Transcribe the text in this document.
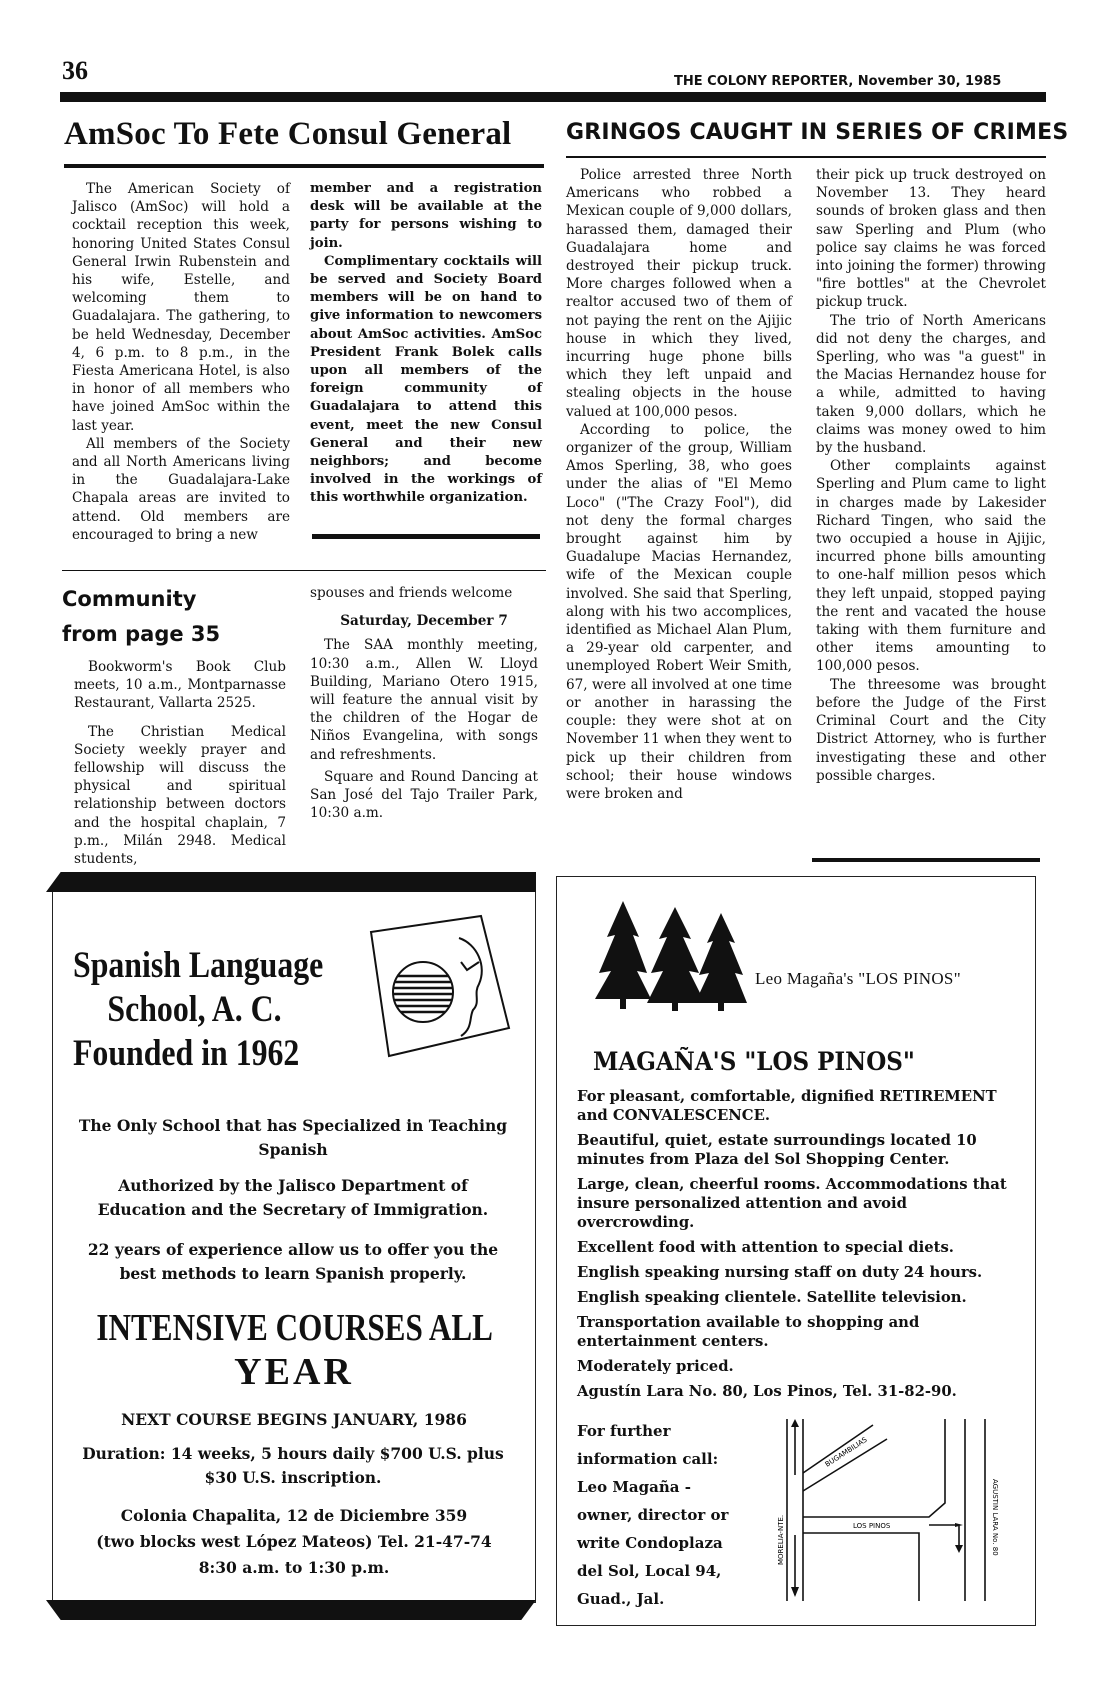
36	THE COLONY REPORTER, November 30, 1985
AmSoc To Fete Consul General

The American Society of Jalisco (AmSoc) will hold a cocktail reception this week, honoring United States Consul General Irwin Rubenstein and his wife, Estelle, and welcoming them to Guadalajara. The gathering, to be held Wednesday, December 4, 6 p.m. to 8 p.m., in the Fiesta Americana Hotel, is also in honor of all members who have joined AmSoc within the last year.

All members of the Society and all North Americans living in the Guadalajara-Lake Chapala areas are invited to attend. Old members are encouraged to bring a new

member and a registration desk will be available at the party for persons wishing to join.

Complimentary cocktails will be served and Society Board members will be on hand to give information to newcomers about AmSoc activities. AmSoc President Frank Bolek calls upon all members of the foreign community of Guadalajara to attend this event, meet the new Consul General and their new neighbors; and become involved in the workings of this worthwhile organization.

Community
from page 35

Bookworm's Book Club meets, 10 a.m., Montparnasse Restaurant, Vallarta 2525.

The Christian Medical Society weekly prayer and fellowship will discuss the physical and spiritual relationship between doctors and the hospital chaplain, 7 p.m., Milán 2948. Medical students,

spouses and friends welcome
Saturday, December 7

The SAA monthly meeting, 10:30 a.m., Allen W. Lloyd Building, Mariano Otero 1915, will feature the annual visit by the children of the Hogar de Niños Evangelina, with songs and refreshments.

Square and Round Dancing at San José del Tajo Trailer Park, 10:30 a.m.

GRINGOS CAUGHT IN SERIES OF CRIMES

Police arrested three North Americans who robbed a Mexican couple of 9,000 dollars, harassed them, damaged their Guadalajara home and destroyed their pickup truck. More charges followed when a realtor accused two of them of not paying the rent on the Ajijic house in which they lived, incurring huge phone bills which they left unpaid and stealing objects in the house valued at 100,000 pesos.

According to police, the organizer of the group, William Amos Sperling, 38, who goes under the alias of "El Memo Loco" ("The Crazy Fool"), did not deny the formal charges brought against him by Guadalupe Macias Hernandez, wife of the Mexican couple involved. She said that Sperling, along with his two accomplices, identified as Michael Alan Plum, a 29-year old carpenter, and unemployed Robert Weir Smith, 67, were all involved at one time or another in harassing the couple: they were shot at on November 11 when they went to pick up their children from school; their house windows were broken and

their pick up truck destroyed on November 13. They heard sounds of broken glass and then saw Sperling and Plum (who police say claims he was forced into joining the former) throwing "fire bottles" at the Chevrolet pickup truck.

The trio of North Americans did not deny the charges, and Sperling, who was "a guest" in the Macias Hernandez house for a while, admitted to having taken 9,000 dollars, which he claims was money owed to him by the husband.

Other complaints against Sperling and Plum came to light in charges made by Lakesider Richard Tingen, who said the two occupied a house in Ajijic, incurred phone bills amounting to one-half million pesos which they left unpaid, stopped paying the rent and vacated the house taking with them furniture and other items amounting to 100,000 pesos.

The threesome was brought before the Judge of the First Criminal Court and the City District Attorney, who is further investigating these and other possible charges.

Spanish Language
School, A. C.
Founded in 1962
The Only School that has Specialized in Teaching Spanish
Authorized by the Jalisco Department of Education and the Secretary of Immigration.
22 years of experience allow us to offer you the best methods to learn Spanish properly.
INTENSIVE COURSES ALL
YEAR
NEXT COURSE BEGINS JANUARY, 1986
Duration: 14 weeks, 5 hours daily $700 U.S. plus $30 U.S. inscription.
Colonia Chapalita, 12 de Diciembre 359
(two blocks west López Mateos) Tel. 21-47-74
8:30 a.m. to 1:30 p.m.
Leo Magaña's "LOS PINOS"
MAGAÑA'S "LOS PINOS"
For pleasant, comfortable, dignified RETIREMENT and CONVALESCENCE.
Beautiful, quiet, estate surroundings located 10 minutes from Plaza del Sol Shopping Center.
Large, clean, cheerful rooms. Accommodations that insure personalized attention and avoid overcrowding.
Excellent food with attention to special diets.
English speaking nursing staff on duty 24 hours.
English speaking clientele. Satellite television.
Transportation available to shopping and entertainment centers.
Moderately priced.
Agustín Lara No. 80, Los Pinos, Tel. 31-82-90.
For further information call: Leo Magaña - owner, director or write Condoplaza del Sol, Local 94, Guad., Jal.
MORELIA-NTE.
BUGAMBILIAS
LOS PINOS	AGUSTIN LARA No. 80
